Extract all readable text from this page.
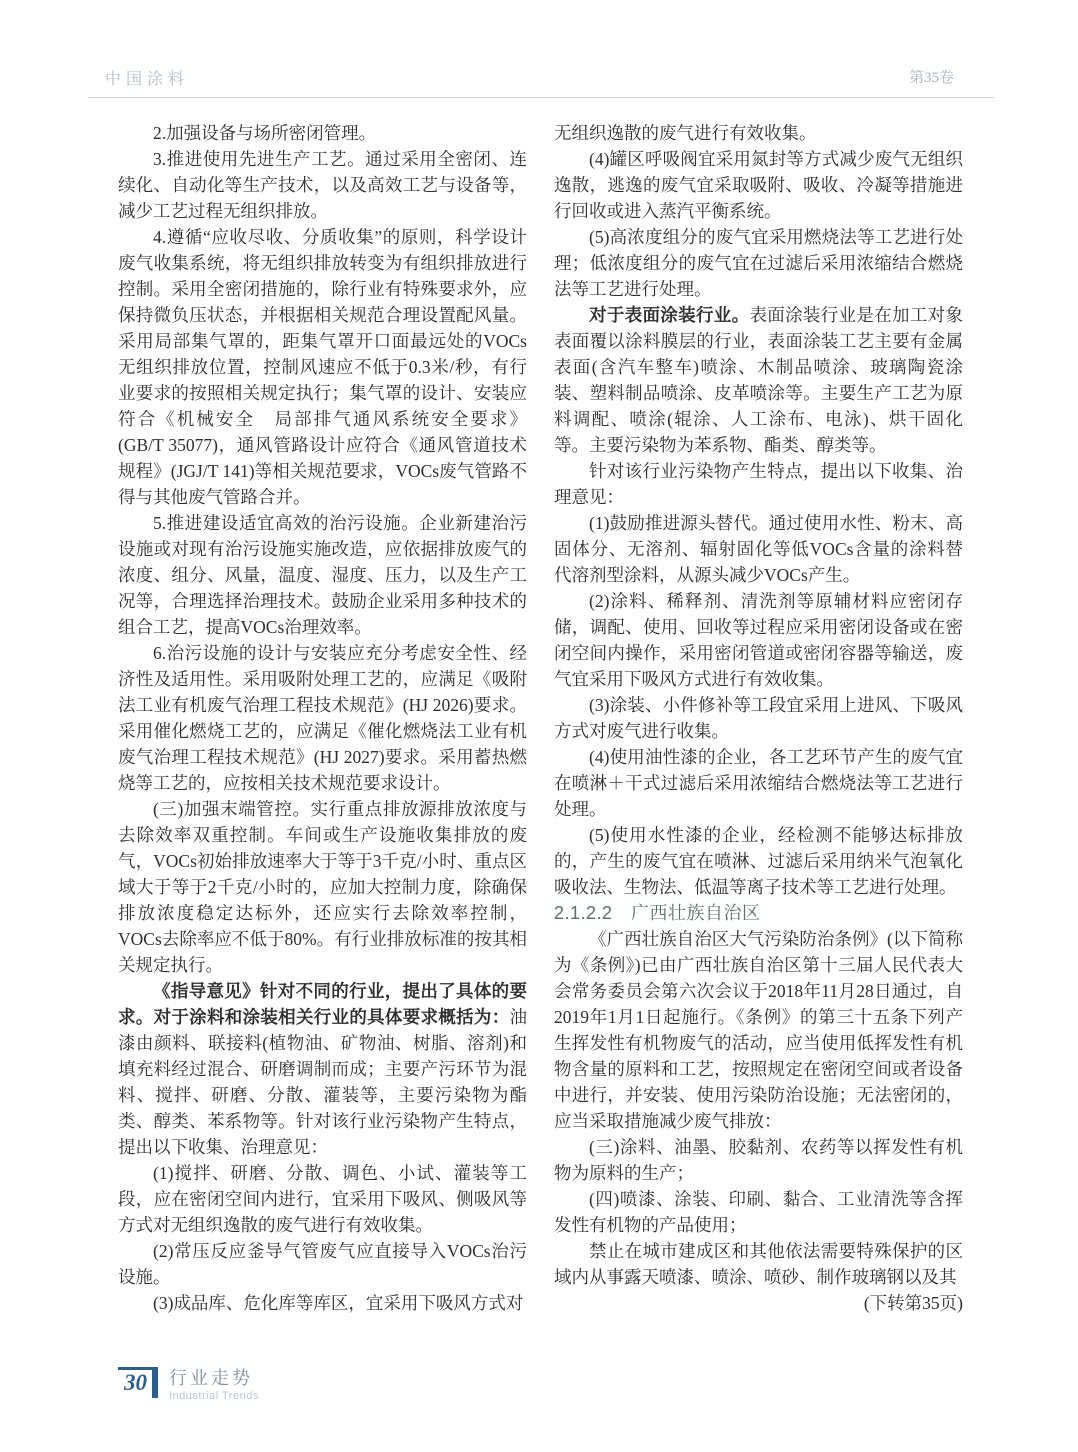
中国涂料	第35卷

2.加强设备与场所密闭管理。

3.推进使用先进生产工艺。通过采用全密闭、连续化、自动化等生产技术，以及高效工艺与设备等，减少工艺过程无组织排放。

4.遵循“应收尽收、分质收集”的原则，科学设计废气收集系统，将无组织排放转变为有组织排放进行控制。采用全密闭措施的，除行业有特殊要求外，应保持微负压状态，并根据相关规范合理设置配风量。采用局部集气罩的，距集气罩开口面最远处的VOCs无组织排放位置，控制风速应不低于0.3米/秒，有行业要求的按照相关规定执行；集气罩的设计、安装应符合《机械安全　局部排气通风系统安全要求》(GB/T 35077)，通风管路设计应符合《通风管道技术规程》(JGJ/T 141)等相关规范要求，VOCs废气管路不得与其他废气管路合并。

5.推进建设适宜高效的治污设施。企业新建治污设施或对现有治污设施实施改造，应依据排放废气的浓度、组分、风量，温度、湿度、压力，以及生产工况等，合理选择治理技术。鼓励企业采用多种技术的组合工艺，提高VOCs治理效率。

6.治污设施的设计与安装应充分考虑安全性、经济性及适用性。采用吸附处理工艺的，应满足《吸附法工业有机废气治理工程技术规范》(HJ 2026)要求。采用催化燃烧工艺的，应满足《催化燃烧法工业有机废气治理工程技术规范》(HJ 2027)要求。采用蓄热燃烧等工艺的，应按相关技术规范要求设计。

(三)加强末端管控。实行重点排放源排放浓度与去除效率双重控制。车间或生产设施收集排放的废气，VOCs初始排放速率大于等于3千克/小时、重点区域大于等于2千克/小时的，应加大控制力度，除确保排放浓度稳定达标外，还应实行去除效率控制，VOCs去除率应不低于80%。有行业排放标准的按其相关规定执行。

《指导意见》针对不同的行业，提出了具体的要求。对于涂料和涂装相关行业的具体要求概括为：油漆由颜料、联接料(植物油、矿物油、树脂、溶剂)和填充料经过混合、研磨调制而成；主要产污环节为混料、搅拌、研磨、分散、灌装等，主要污染物为酯类、醇类、苯系物等。针对该行业污染物产生特点，提出以下收集、治理意见：

(1)搅拌、研磨、分散、调色、小试、灌装等工段，应在密闭空间内进行，宜采用下吸风、侧吸风等方式对无组织逸散的废气进行有效收集。

(2)常压反应釜导气管废气应直接导入VOCs治污设施。

(3)成品库、危化库等库区，宜采用下吸风方式对

无组织逸散的废气进行有效收集。

(4)罐区呼吸阀宜采用氮封等方式减少废气无组织逸散，逃逸的废气宜采取吸附、吸收、冷凝等措施进行回收或进入蒸汽平衡系统。

(5)高浓度组分的废气宜采用燃烧法等工艺进行处理；低浓度组分的废气宜在过滤后采用浓缩结合燃烧法等工艺进行处理。

对于表面涂装行业。表面涂装行业是在加工对象表面覆以涂料膜层的行业，表面涂装工艺主要有金属表面(含汽车整车)喷涂、木制品喷涂、玻璃陶瓷涂装、塑料制品喷涂、皮革喷涂等。主要生产工艺为原料调配、喷涂(辊涂、人工涂布、电泳)、烘干固化等。主要污染物为苯系物、酯类、醇类等。

针对该行业污染物产生特点，提出以下收集、治理意见：

(1)鼓励推进源头替代。通过使用水性、粉末、高固体分、无溶剂、辐射固化等低VOCs含量的涂料替代溶剂型涂料，从源头减少VOCs产生。

(2)涂料、稀释剂、清洗剂等原辅材料应密闭存储，调配、使用、回收等过程应采用密闭设备或在密闭空间内操作，采用密闭管道或密闭容器等输送，废气宜采用下吸风方式进行有效收集。

(3)涂装、小件修补等工段宜采用上进风、下吸风方式对废气进行收集。

(4)使用油性漆的企业，各工艺环节产生的废气宜在喷淋＋干式过滤后采用浓缩结合燃烧法等工艺进行处理。

(5)使用水性漆的企业，经检测不能够达标排放的，产生的废气宜在喷淋、过滤后采用纳米气泡氧化吸收法、生物法、低温等离子技术等工艺进行处理。

2.1.2.2　广西壮族自治区

《广西壮族自治区大气污染防治条例》(以下简称为《条例》)已由广西壮族自治区第十三届人民代表大会常务委员会第六次会议于2018年11月28日通过，自2019年1月1日起施行。《条例》的第三十五条下列产生挥发性有机物废气的活动，应当使用低挥发性有机物含量的原料和工艺，按照规定在密闭空间或者设备中进行，并安装、使用污染防治设施；无法密闭的，应当采取措施减少废气排放：

(三)涂料、油墨、胶黏剂、农药等以挥发性有机物为原料的生产；

(四)喷漆、涂装、印刷、黏合、工业清洗等含挥发性有机物的产品使用；

禁止在城市建成区和其他依法需要特殊保护的区域内从事露天喷漆、喷涂、喷砂、制作玻璃钢以及其

(下转第35页)

30 行业走势
Industrial Trends
